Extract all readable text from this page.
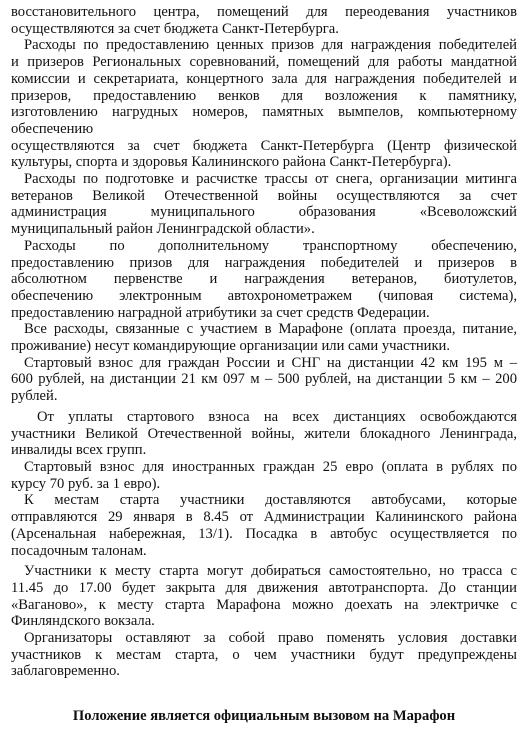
восстановительного центра, помещений для переодевания участников

осуществляются за счет бюджета Санкт-Петербурга.

Расходы по предоставлению ценных призов для награждения победителей

и призеров Региональных соревнований, помещений для работы мандатной

комиссии и секретариата, концертного зала для награждения победителей и

призеров, предоставлению венков для возложения к памятнику,

изготовлению нагрудных номеров, памятных вымпелов, компьютерному

обеспечению

осуществляются за счет бюджета Санкт-Петербурга (Центр физической

культуры, спорта и здоровья Калининского района Санкт-Петербурга).

Расходы по подготовке и расчистке трассы от снега, организации митинга

ветеранов Великой Отечественной войны осуществляются за счет

администрация муниципального образования «Всеволожский

муниципальный район Ленинградской области».

Расходы по дополнительному транспортному обеспечению,

предоставлению призов для награждения победителей и призеров в

абсолютном первенстве и награждения ветеранов, биотулетов,

обеспечению электронным автохронометражем (чиповая система),

предоставлению наградной атрибутики за счет средств Федерации.

Все расходы, связанные с участием в Марафоне (оплата проезда, питание,

проживание) несут командирующие организации или сами участники.

Стартовый взнос для граждан России и СНГ на дистанции 42 км 195 м –

600 рублей, на дистанции 21 км 097 м – 500 рублей, на дистанции 5 км – 200

рублей.

От уплаты стартового взноса на всех дистанциях освобождаются

участники Великой Отечественной войны, жители блокадного Ленинграда,

инвалиды всех групп.

Стартовый взнос для иностранных граждан 25 евро (оплата в рублях по

курсу 70 руб. за 1 евро).

К местам старта участники доставляются автобусами, которые

отправляются 29 января в 8.45 от Администрации Калининского района

(Арсенальная набережная, 13/1). Посадка в автобус осуществляется по

посадочным талонам.

Участники к месту старта могут добираться самостоятельно, но трасса с

11.45 до 17.00 будет закрыта для движения автотранспорта. До станции

«Ваганово», к месту старта Марафона можно доехать на электричке с

Финляндского вокзала.

Организаторы оставляют за собой право поменять условия доставки

участников к местам старта, о чем участники будут предупреждены

заблаговременно.

Положение является официальным вызовом на Марафон
